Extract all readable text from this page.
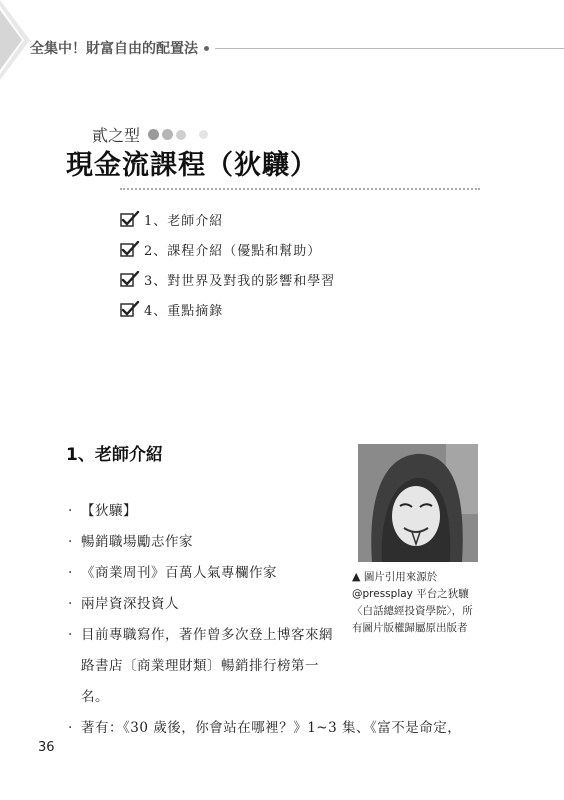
全集中！財富自由的配置法
貳之型
現金流課程（狄驤）
1、老師介紹
2、課程介紹（優點和幫助）
3、對世界及對我的影響和學習
4、重點摘錄
1、老師介紹
▲ 圖片引用來源於@pressplay 平台之狄驤〈白話總經投資學院〉，所有圖片版權歸屬原出版者
‧ 【狄驤】
‧ 暢銷職場勵志作家
‧ 《商業周刊》百萬人氣專欄作家
‧ 兩岸資深投資人
‧ 目前專職寫作，著作曾多次登上博客來網路書店〔商業理財類〕暢銷排行榜第一名。
‧ 著有：《30 歲後，你會站在哪裡？》1~3 集、《富不是命定，
36
